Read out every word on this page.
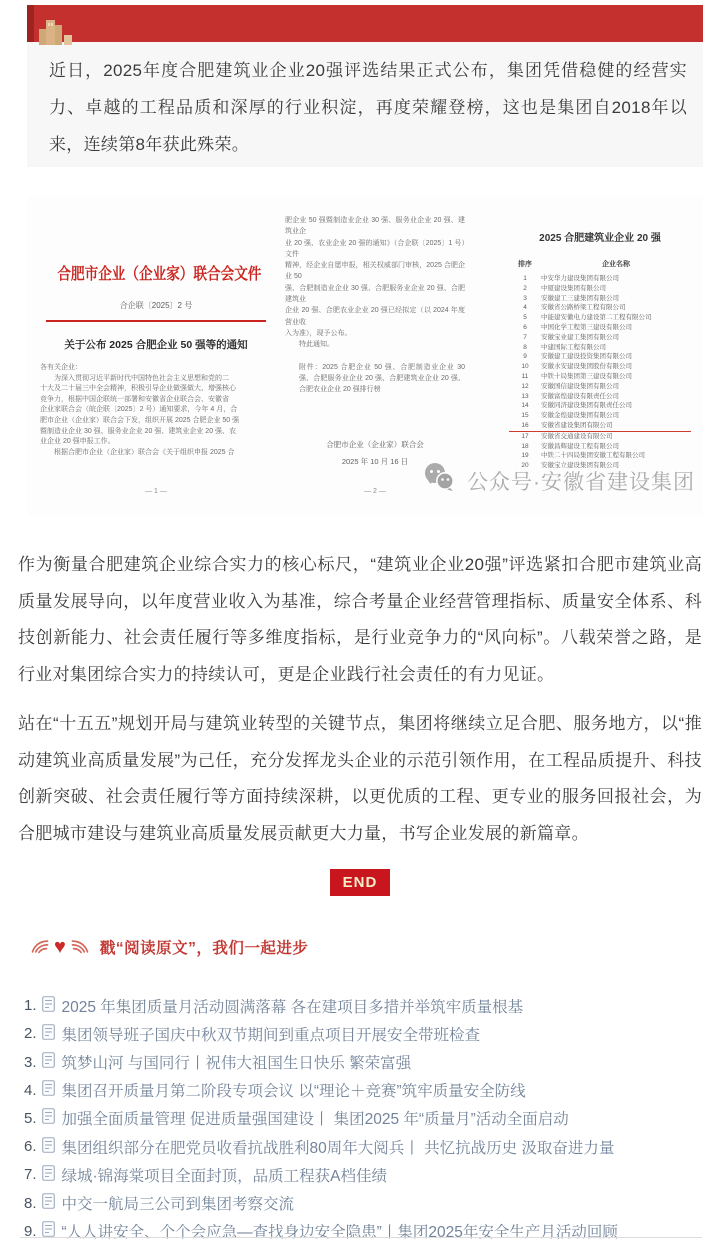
近日，2025年度合肥建筑业企业20强评选结果正式公布，集团凭借稳健的经营实力、卓越的工程品质和深厚的行业积淀，再度荣耀登榜，这也是集团自2018年以来，连续第8年获此殊荣。
合肥市企业（企业家）联合会文件
合企联〔2025〕2 号
关于公布 2025 合肥企业 50 强等的通知
各有关企业：
　　为深入贯彻习近平新时代中国特色社会主义思想和党的二
十大及二十届三中全会精神，积极引导企业做强做大、增强核心
竞争力，根据中国企联统一部署和安徽省企业联合会、安徽省
企业家联合会（皖企联〔2025〕2 号）通知要求，今年 4 月，合
肥市企业（企业家）联合会下发，组织开展 2025 合肥企业 50 强
暨制造业企业 30 强、服务业企业 20 强、建筑业企业 20 强、农
业企业 20 强申报工作。
　　根据合肥市企业（企业家）联合会《关于组织申报 2025 合
— 1 —
肥企业 50 强暨制造业企业 30 强、服务业企业 20 强、建筑业企
业 20 强、农业企业 20 强的通知》（合企联〔2025〕1 号）文件
精神，经企业自愿申报，相关权威部门审核，2025 合肥企业 50
强、合肥制造业企业 30 强、合肥服务业企业 20 强、合肥建筑业
企业 20 强、合肥农业企业 20 强已经拟定（以 2024 年度营业收
入为准），现予公布。
　　特此通知。
附件：2025 合肥企业 50 强、合肥制造业企业 30 强、合肥服务业企业 20 强、合肥建筑业企业 20 强、合肥农业企业 20 强排行榜
合肥市企业（企业家）联合会
2025 年 10 月 16 日
— 2 —
2025 合肥建筑业企业 20 强
排序	企业名称
1	中安华力建设集团有限公司
2	中厦建设集团有限公司
3	安徽建工三建集团有限公司
4	安徽省公路桥梁工程有限公司
5	中能建安徽电力建设第二工程有限公司
6	中国化学工程第三建设有限公司
7	安徽宝业建工集团有限公司
8	中建国际工程有限公司
9	安徽建工建设投资集团有限公司
10	安徽水安建设集团股份有限公司
11	中铁十局集团第三建设有限公司
12	安徽国信建设集团有限公司
13	安徽富煌建设有限责任公司
14	安徽同济建设集团有限责任公司
15	安徽金煌建设集团有限公司
16	安徽省建设集团有限公司
17	安徽省交通建设有限公司
18	安徽昌辉建设工程有限公司
19	中铁二十四局集团安徽工程有限公司
20	安徽宝立建设集团有限公司
公众号·安徽省建设集团

作为衡量合肥建筑企业综合实力的核心标尺，“建筑业企业20强”评选紧扣合肥市建筑业高质量发展导向，以年度营业收入为基准，综合考量企业经营管理指标、质量安全体系、科技创新能力、社会责任履行等多维度指标，是行业竞争力的“风向标”。八载荣誉之路，是行业对集团综合实力的持续认可，更是企业践行社会责任的有力见证。

站在“十五五”规划开局与建筑业转型的关键节点，集团将继续立足合肥、服务地方，以“推动建筑业高质量发展”为己任，充分发挥龙头企业的示范引领作用，在工程品质提升、科技创新突破、社会责任履行等方面持续深耕，以更优质的工程、更专业的服务回报社会，为合肥城市建设与建筑业高质量发展贡献更大力量，书写企业发展的新篇章。

END
♥ 戳“阅读原文”，我们一起进步
1. 2025 年集团质量月活动圆满落幕 各在建项目多措并举筑牢质量根基
2. 集团领导班子国庆中秋双节期间到重点项目开展安全带班检查
3. 筑梦山河 与国同行丨祝伟大祖国生日快乐 繁荣富强
4. 集团召开质量月第二阶段专项会议 以“理论＋竞赛”筑牢质量安全防线
5. 加强全面质量管理 促进质量强国建设丨 集团2025 年“质量月”活动全面启动
6. 集团组织部分在肥党员收看抗战胜利80周年大阅兵丨 共忆抗战历史 汲取奋进力量
7. 绿城·锦海棠项目全面封顶，品质工程获A档佳绩
8. 中交一航局三公司到集团考察交流
9. “人人讲安全、个个会应急—查找身边安全隐患”丨集团2025年安全生产月活动回顾
